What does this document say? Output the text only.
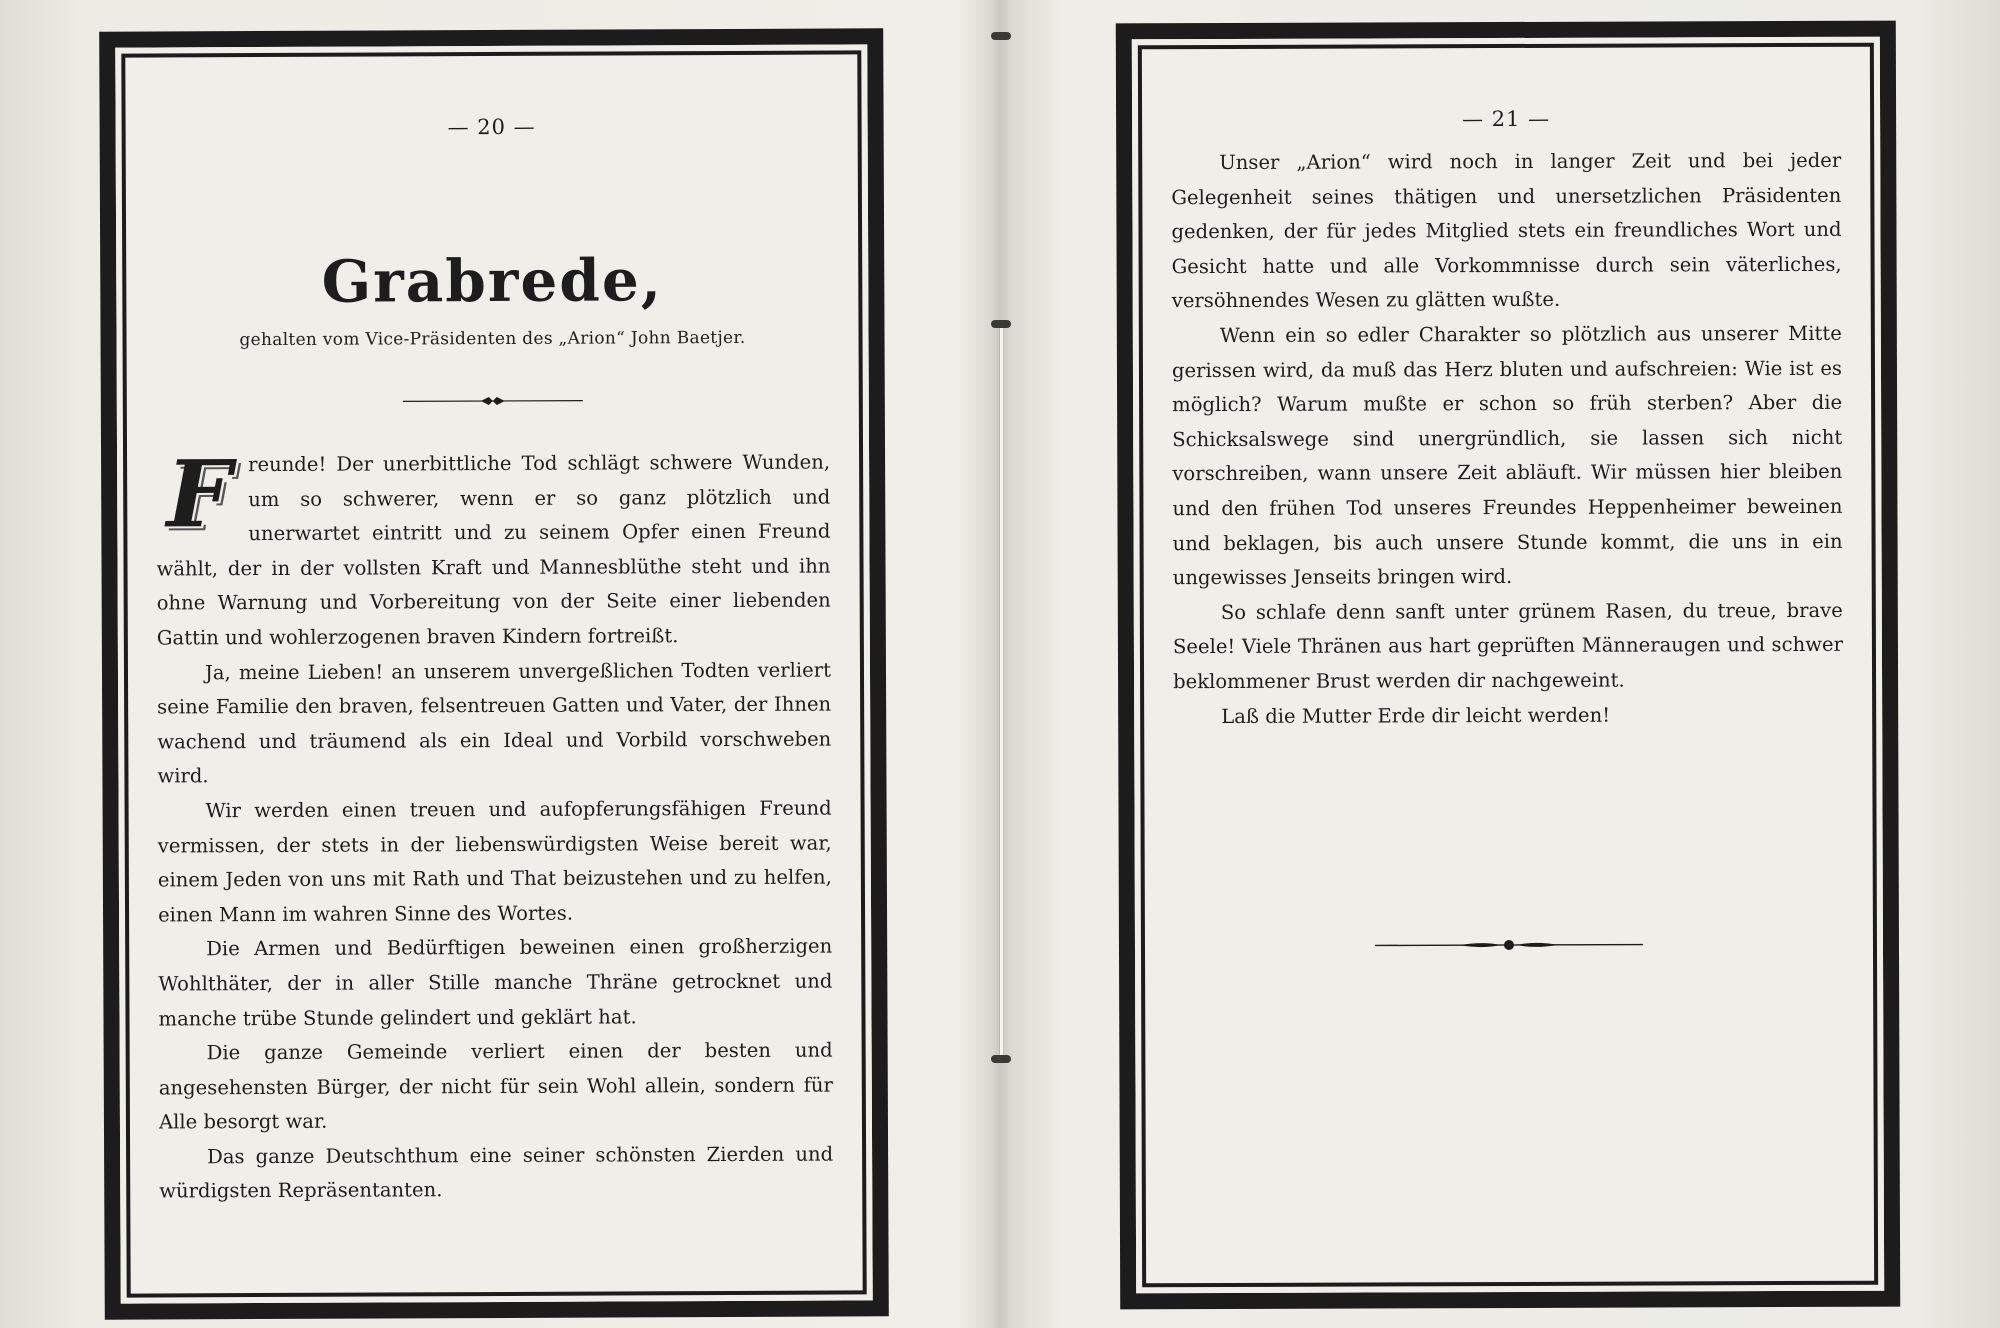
— 20 —
Grabrede,
gehalten vom Vice-Präsidenten des „Arion“ John Baetjer.

Freunde! Der unerbittliche Tod schlägt schwere Wunden, um so schwerer, wenn er so ganz plötzlich und unerwartet eintritt und zu seinem Opfer einen Freund wählt, der in der vollsten Kraft und Mannesblüthe steht und ihn ohne Warnung und Vorbereitung von der Seite einer liebenden Gattin und wohlerzogenen braven Kindern fortreißt.

Ja, meine Lieben! an unserem unvergeßlichen Todten verliert seine Familie den braven, felsentreuen Gatten und Vater, der Ihnen wachend und träumend als ein Ideal und Vorbild vorschweben wird.

Wir werden einen treuen und aufopferungsfähigen Freund vermissen, der stets in der liebenswürdigsten Weise bereit war, einem Jeden von uns mit Rath und That beizustehen und zu helfen, einen Mann im wahren Sinne des Wortes.

Die Armen und Bedürftigen beweinen einen großherzigen Wohlthäter, der in aller Stille manche Thräne getrocknet und manche trübe Stunde gelindert und geklärt hat.

Die ganze Gemeinde verliert einen der besten und angesehensten Bürger, der nicht für sein Wohl allein, sondern für Alle besorgt war.

Das ganze Deutschthum eine seiner schönsten Zierden und würdigsten Repräsentanten.

— 21 —

Unser „Arion“ wird noch in langer Zeit und bei jeder Gelegenheit seines thätigen und unersetzlichen Präsidenten gedenken, der für jedes Mitglied stets ein freundliches Wort und Gesicht hatte und alle Vorkommnisse durch sein väterliches, versöhnendes Wesen zu glätten wußte.

Wenn ein so edler Charakter so plötzlich aus unserer Mitte gerissen wird, da muß das Herz bluten und aufschreien: Wie ist es möglich? Warum mußte er schon so früh sterben? Aber die Schicksalswege sind unergründlich, sie lassen sich nicht vorschreiben, wann unsere Zeit abläuft. Wir müssen hier bleiben und den frühen Tod unseres Freundes Heppenheimer beweinen und beklagen, bis auch unsere Stunde kommt, die uns in ein ungewisses Jenseits bringen wird.

So schlafe denn sanft unter grünem Rasen, du treue, brave Seele! Viele Thränen aus hart geprüften Männeraugen und schwer beklommener Brust werden dir nachgeweint.

Laß die Mutter Erde dir leicht werden!
